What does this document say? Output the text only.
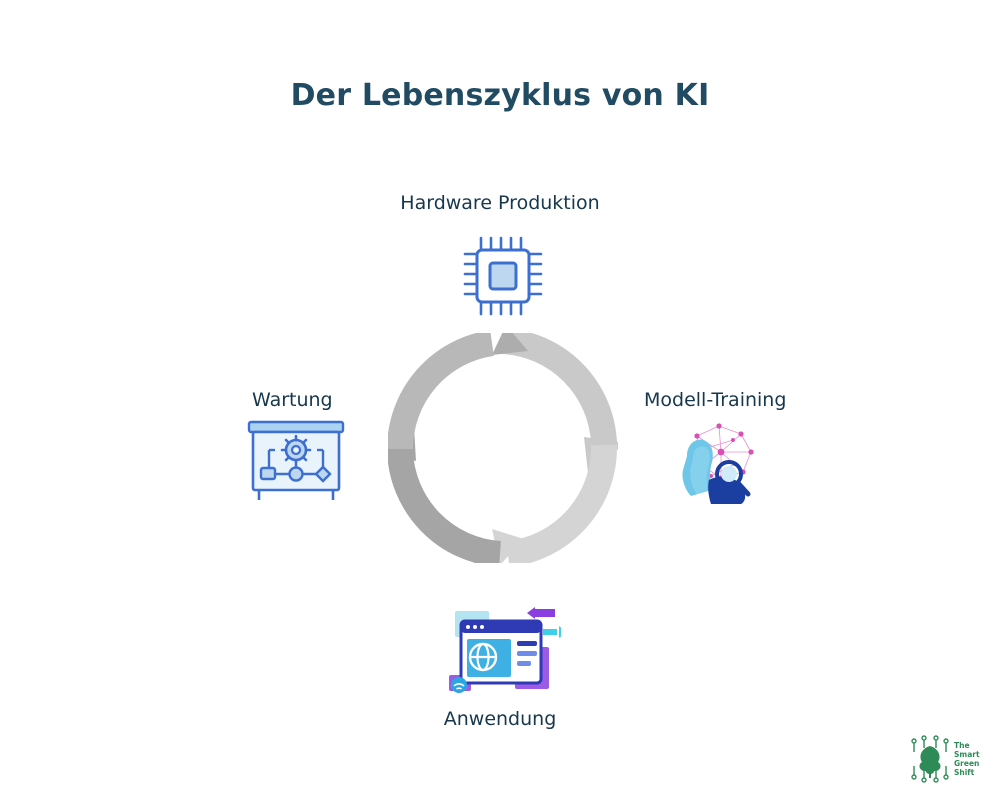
Der Lebenszyklus von KI
Hardware Produktion
Modell-Training
Anwendung
Wartung
The
Smart
Green
Shift
